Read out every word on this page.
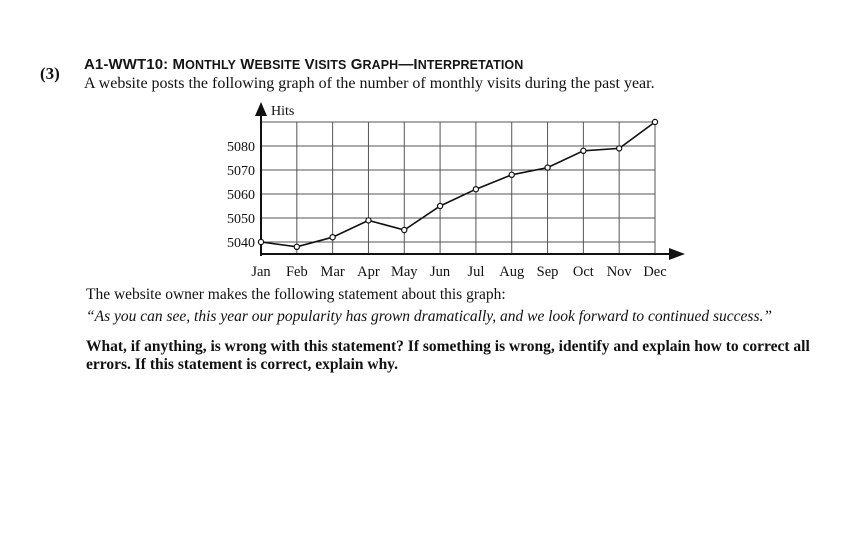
(3) A1-WWT10: MONTHLY WEBSITE VISITS GRAPH—INTERPRETATION
A website posts the following graph of the number of monthly visits during the past year.
5040
5050
5060
5070
5080
Hits
Jan Feb Mar Apr May Jun Jul Aug Sep Oct Nov Dec
The website owner makes the following statement about this graph:
“As you can see, this year our popularity has grown dramatically, and we look forward to continued success.”
What, if anything, is wrong with this statement? If something is wrong, identify and explain how to correct all errors. If this statement is correct, explain why.
